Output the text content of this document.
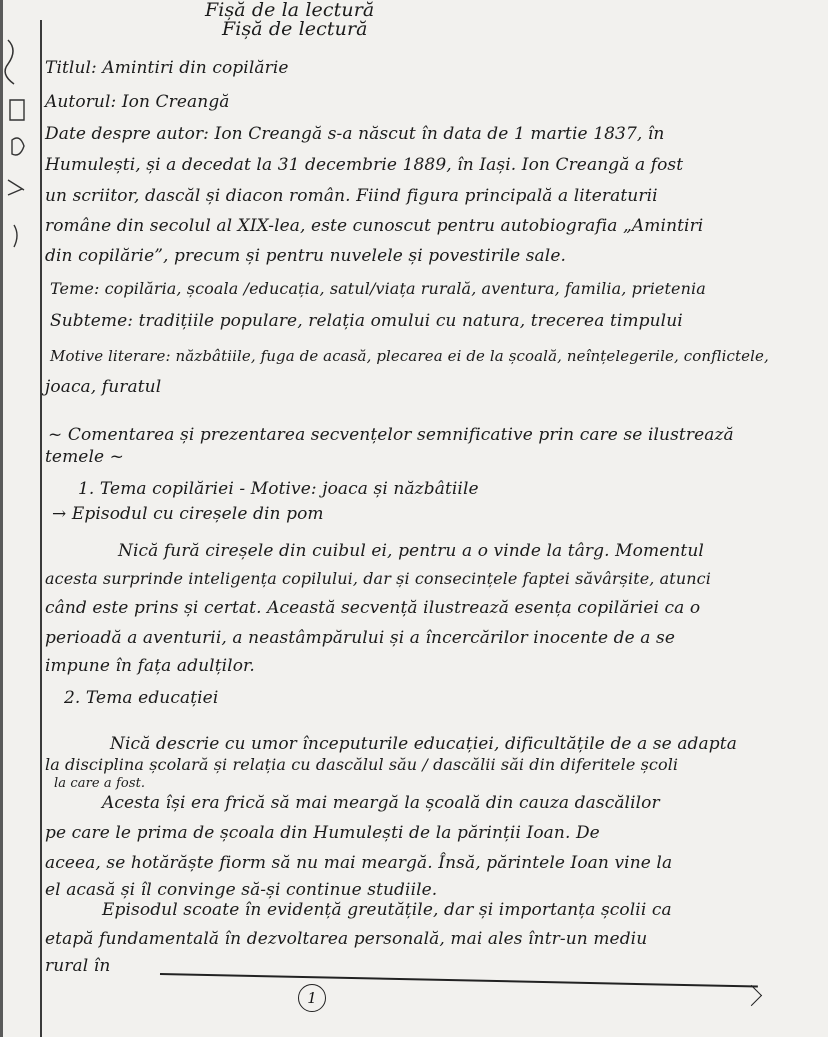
Fișă de la lectură
Fișă de lectură
Titlul: Amintiri din copilărie
Autorul: Ion Creangă
Date despre autor: Ion Creangă s-a născut în data de 1 martie 1837, în
Humulești, și a decedat la 31 decembrie 1889, în Iași. Ion Creangă a fost
un scriitor, dascăl și diacon român. Fiind figura principală a literaturii
române din secolul al XIX-lea, este cunoscut pentru autobiografia „Amintiri
din copilărie”, precum și pentru nuvelele și povestirile sale.
Teme: copilăria, școala /educația, satul/viața rurală, aventura, familia, prietenia
Subteme: tradițiile populare, relația omului cu natura, trecerea timpului
Motive literare: năzbâtiile, fuga de acasă, plecarea ei de la școală, neînțelegerile, conflictele,
joaca, furatul
~ Comentarea și prezentarea secvențelor semnificative prin care se ilustrează
temele ~
1. Tema copilăriei - Motive: joaca și năzbâtiile
→ Episodul cu cireșele din pom
Nică fură cireșele din cuibul ei, pentru a o vinde la târg. Momentul
acesta surprinde inteligența copilului, dar și consecințele faptei săvârșite, atunci
când este prins și certat. Această secvență ilustrează esența copilăriei ca o
perioadă a aventurii, a neastâmpărului și a încercărilor inocente de a se
impune în fața adulților.
2. Tema educației
Nică descrie cu umor începuturile educației, dificultățile de a se adapta
la disciplina școlară și relația cu dascălul său / dascălii săi din diferitele școli
la care a fost.
Acesta își era frică să mai meargă la școală din cauza dascălilor
pe care le prima de școala din Humulești de la părinții Ioan. De
aceea, se hotărăște fiorm să nu mai meargă. Însă, părintele Ioan vine la
el acasă și îl convinge să-și continue studiile.
Episodul scoate în evidență greutățile, dar și importanța școlii ca
etapă fundamentală în dezvoltarea personală, mai ales într-un mediu
rural în
1
